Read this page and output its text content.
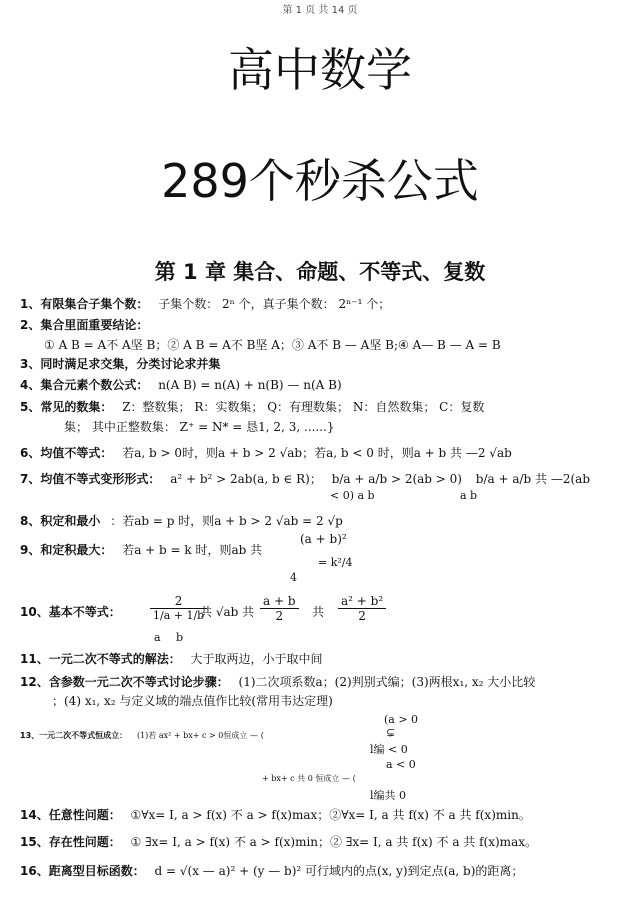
第 1 页 共 14 页
高中数学
289个秒杀公式
第 1 章 集合、命题、不等式、复数
1、有限集合子集个数： 子集个数： 2ⁿ 个，真子集个数： 2ⁿ⁻¹ 个；
2、集合里面重要结论：
① A B = A不 A坚 B；② A B = A不 B坚 A；③ A不 B — A坚 B;④ A— B — A = B
3、同时满足求交集，分类讨论求并集
4、集合元素个数公式： n(A B) = n(A) + n(B) — n(A B)
5、常见的数集： Z：整数集； R：实数集； Q：有理数集； N：自然数集； C：复数
集； 其中正整数集： Z⁺ = N* = 恳1, 2, 3, ......}
6、均值不等式： 若a, b > 0时，则a + b > 2 √ab；若a, b < 0 时，则a + b 共 —2 √ab
7、均值不等式变形形式： a² + b² > 2ab(a, b ∈ R)； b/a + a/b > 2(ab > 0) b/a + a/b 共 —2(ab
< 0) a b	a b
8、积定和最小 ：若ab = p 时，则a + b > 2 √ab = 2 √p
9、和定积最大： 若a + b = k 时，则ab 共
(a + b)²
= k²/4
4
10、基本不等式：	$\frac{2}{1/a + 1/b}$
共 √ab 共 $\frac{a + b}{2}$ 共 $\frac{\text{a² + b²}}{2}$
a b
11、一元二次不等式的解法： 大于取两边，小于取中间
12、含参数一元二次不等式讨论步骤： (1)二次项系数a；(2)判别式编；(3)两根x₁, x₂ 大小比较
；(4) x₁, x₂ 与定义域的端点值作比较(常用韦达定理)
13、一元二次不等式恒成立： (1)若 ax² + bx+ c > 0恒成立 — ⟨
(a > 0
⊊
l编 < 0
a < 0
+ bx+ c 共 0 恒成立 — ⟨
l编共 0
14、任意性问题： ①∀x= I, a > f(x) 不 a > f(x)max；②∀x= I, a 共 f(x) 不 a 共 f(x)min。
15、存在性问题： ① ∃x= I, a > f(x) 不 a > f(x)min；② ∃x= I, a 共 f(x) 不 a 共 f(x)max。
16、距离型目标函数： d = √(x — a)² + (y — b)² 可行域内的点(x, y)到定点(a, b)的距离；
